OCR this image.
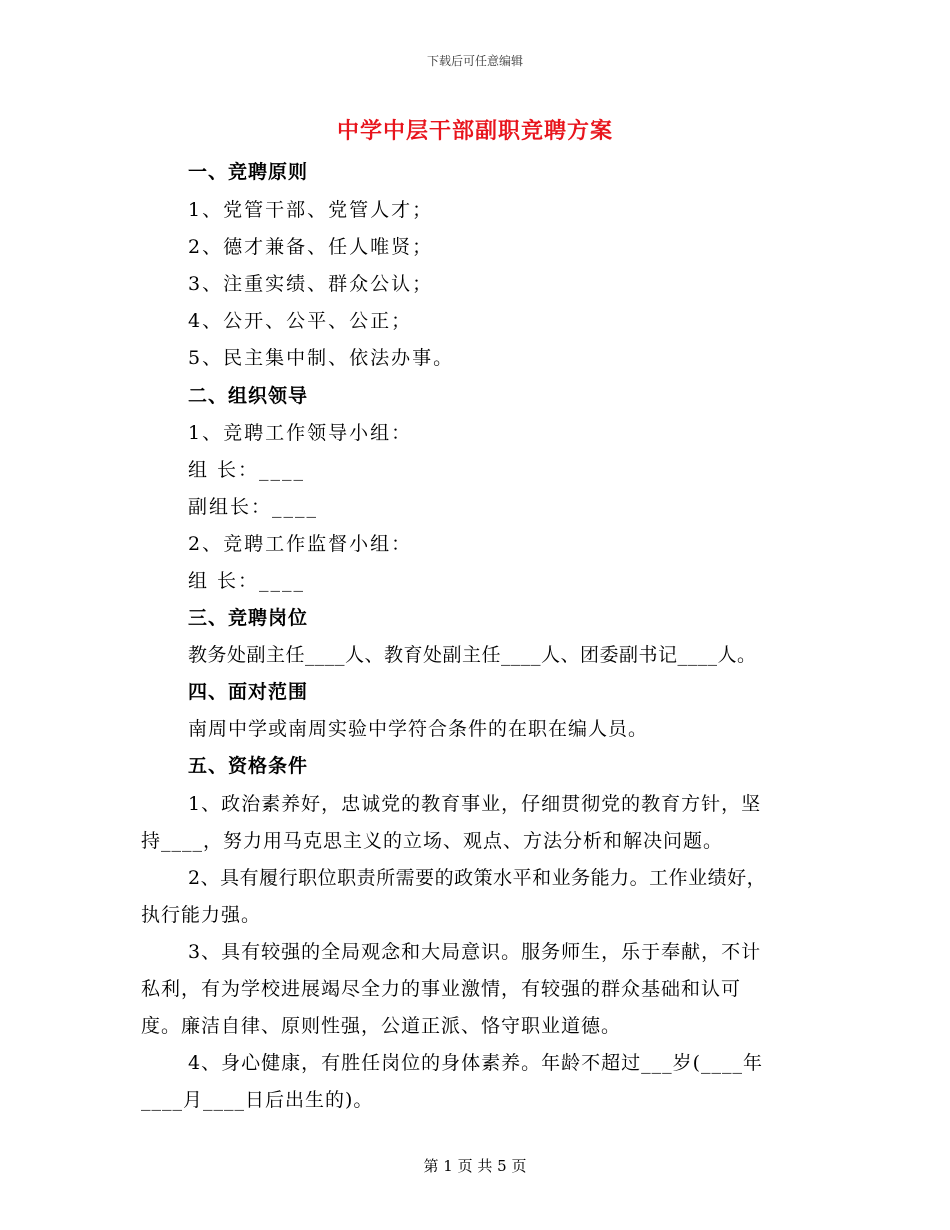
下载后可任意编辑
中学中层干部副职竞聘方案
一、竞聘原则
1、党管干部、党管人才；
2、德才兼备、任人唯贤；
3、注重实绩、群众公认；
4、公开、公平、公正；
5、民主集中制、依法办事。
二、组织领导
1、竞聘工作领导小组：
组 长：____
副组长：____
2、竞聘工作监督小组：
组 长：____
三、竞聘岗位
教务处副主任____人、教育处副主任____人、团委副书记____人。
四、面对范围
南周中学或南周实验中学符合条件的在职在编人员。
五、资格条件
1、政治素养好，忠诚党的教育事业，仔细贯彻党的教育方针，坚
持____，努力用马克思主义的立场、观点、方法分析和解决问题。
2、具有履行职位职责所需要的政策水平和业务能力。工作业绩好，
执行能力强。
3、具有较强的全局观念和大局意识。服务师生，乐于奉献，不计
私利，有为学校进展竭尽全力的事业激情，有较强的群众基础和认可
度。廉洁自律、原则性强，公道正派、恪守职业道德。
4、身心健康，有胜任岗位的身体素养。年龄不超过___岁(____年
____月____日后出生的)。
第 1 页 共 5 页
